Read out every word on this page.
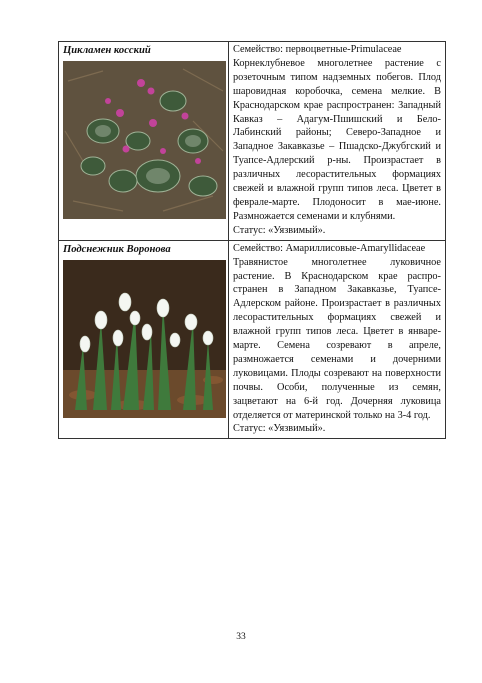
Цикламен косский	Семейство: первоцветные-Primulaceae

Корнеклубневое многолетнее растение с розеточным типом надземных побегов. Плод шаровидная коробочка, семена мелкие. В Краснодарском крае распространен: Западный Кавказ – Адагум-Пшишский и Бело-Лабинский районы; Северо-Западное и Западное Закавказье – Пшадско-Джубгский и Туапсе-Адлерский р-ны. Произрастает в различных лесорастительных формациях свежей и влажной групп типов леса. Цветет в феврале-марте. Плодоносит в мае-июне. Размножается семенами и клубнями.

Статус: «Уязвимый».

Подснежник Воронова	Семейство: Амариллисовые-Amaryllidaceae

Травянистое многолетнее луковичное растение. В Краснодарском крае распро-странен в Западном Закавказье, Туапсе-Адлерском районе. Произрастает в различных лесорастительных формациях свежей и влажной групп типов леса. Цветет в январе-марте. Семена созревают в апреле, размножается семенами и дочерними луковицами. Плоды созревают на поверхности почвы. Особи, полученные из семян, зацветают на 6-й год. Дочерняя луковица отделяется от материнской только на 3-4 год.

Статус: «Уязвимый».

33
